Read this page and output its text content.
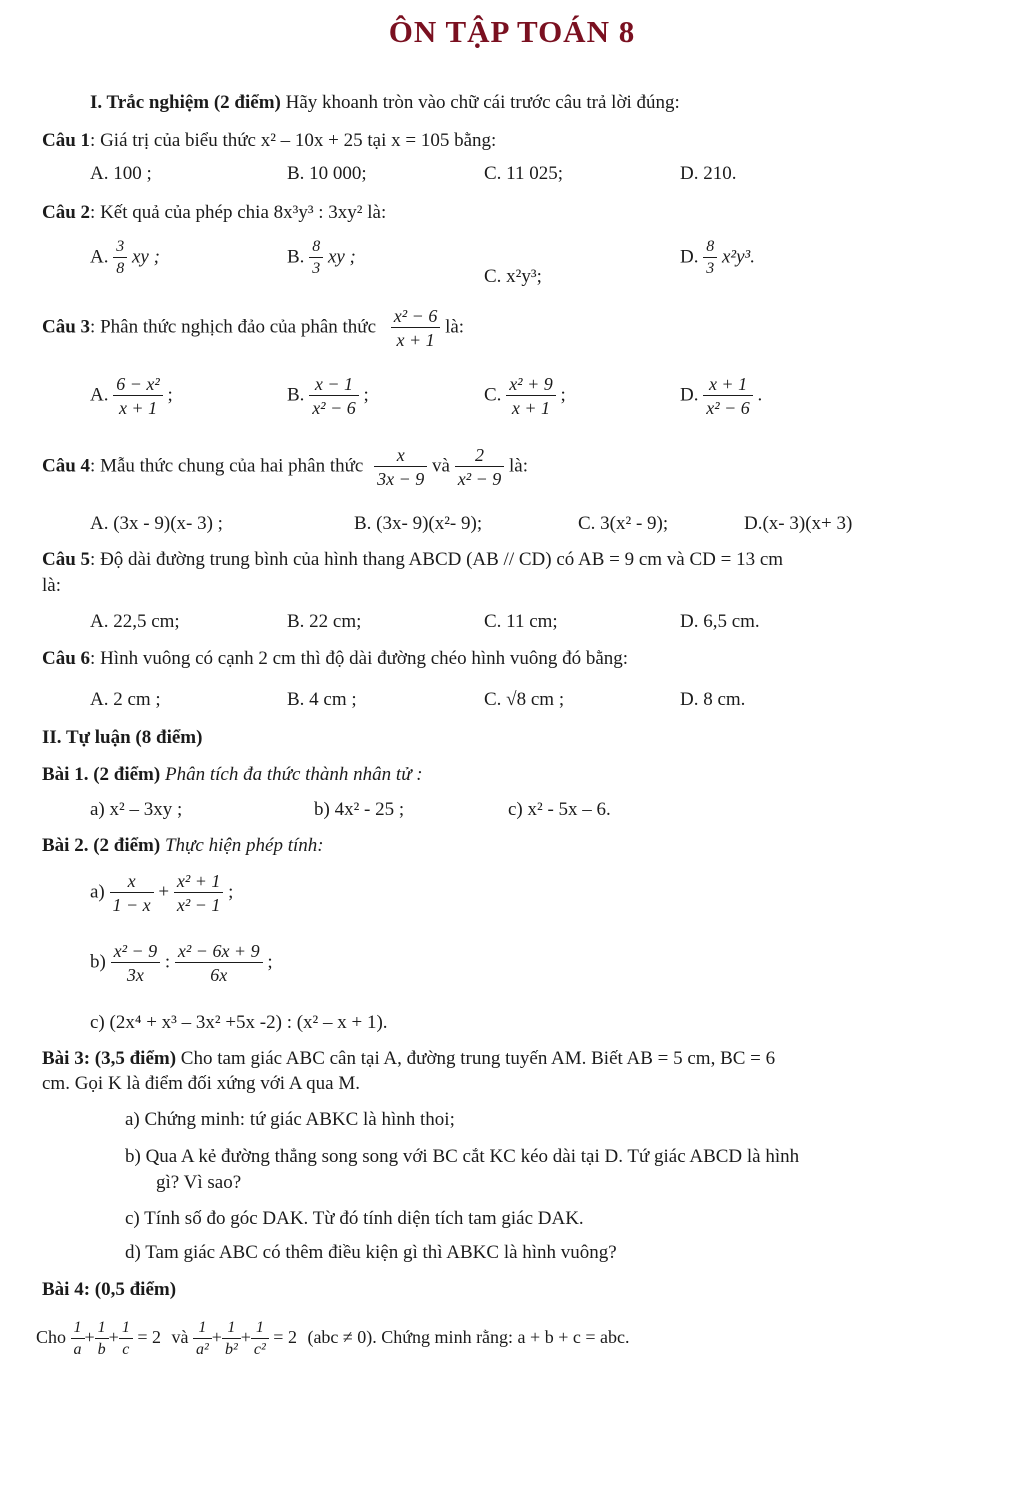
ÔN TẬP TOÁN 8
I. Trắc nghiệm (2 điểm) Hãy khoanh tròn vào chữ cái trước câu trả lời đúng:
Câu 1: Giá trị của biểu thức x² – 10x + 25 tại x = 105 bằng:
A. 100 ;	B. 10 000;	C. 11 025;	D. 210.
Câu 2: Kết quả của phép chia 8x³y³ : 3xy² là:
A. $\frac{3}{8}$ xy ;	B. $\frac{8}{3}$ xy ;
C. x²y³;
D. $\frac{8}{3} x^2y^3$.
Câu 3: Phân thức nghịch đảo của phân thức $\frac{\text{x² − 6}}{x + 1}$ là:
A. $\frac{\text{6 − x²}}{x + 1}$ ;	B. $\frac{x - 1}{\text{x² − 6}}$ ;	C. $\frac{\text{x² + 9}}{x + 1}$ ;	D. $\frac{x + 1}{\text{x² − 6}}$ .
Câu 4: Mẫu thức chung của hai phân thức $\frac{x}{3x - 9}$ và $\frac{2}{\text{x² − 9}}$ là:
A. (3x - 9)(x- 3) ;	B. (3x- 9)(x²- 9);	C. 3(x² - 9);	D.(x- 3)(x+ 3)
Câu 5: Độ dài đường trung bình của hình thang ABCD (AB // CD) có AB = 9 cm và CD = 13 cm
là:
A. 22,5 cm;	B. 22 cm;	C. 11 cm;	D. 6,5 cm.
Câu 6: Hình vuông có cạnh 2 cm thì độ dài đường chéo hình vuông đó bằng:
A. 2 cm ;	B. 4 cm ;	C. √8 cm ;	D. 8 cm.
II. Tự luận (8 điểm)
Bài 1. (2 điểm) Phân tích đa thức thành nhân tử :
a) x² – 3xy ;	b) 4x² - 25 ;	c) x² - 5x – 6.
Bài 2. (2 điểm) Thực hiện phép tính:
$a) \frac{x}{1 - x} + \frac{\text{x² + 1}}{\text{x² − 1}}$ ;
$b) \frac{\text{x² − 9}}{3x}$ : $\frac{\text{x² − 6x + 9}}{6x}$ ;
c) (2x⁴ + x³ – 3x² +5x -2) : (x² – x + 1).
Bài 3: (3,5 điểm) Cho tam giác ABC cân tại A, đường trung tuyến AM. Biết AB = 5 cm, BC = 6
cm. Gọi K là điểm đối xứng với A qua M.
a) Chứng minh: tứ giác ABKC là hình thoi;
b) Qua A kẻ đường thẳng song song với BC cắt KC kéo dài tại D. Tứ giác ABCD là hình
gì? Vì sao?
c) Tính số đo góc DAK. Từ đó tính diện tích tam giác DAK.
d) Tam giác ABC có thêm điều kiện gì thì ABKC là hình vuông?
Bài 4: (0,5 điểm)
Cho $\frac{1}{a} + \frac{1}{b} + \frac{1}{c} = 2$ và $\frac{1}{\text{a²}} + \frac{1}{\text{b²}} + \frac{1}{\text{c²}} = 2$ (abc ≠ 0). Chứng minh rằng: a + b + c = abc.
